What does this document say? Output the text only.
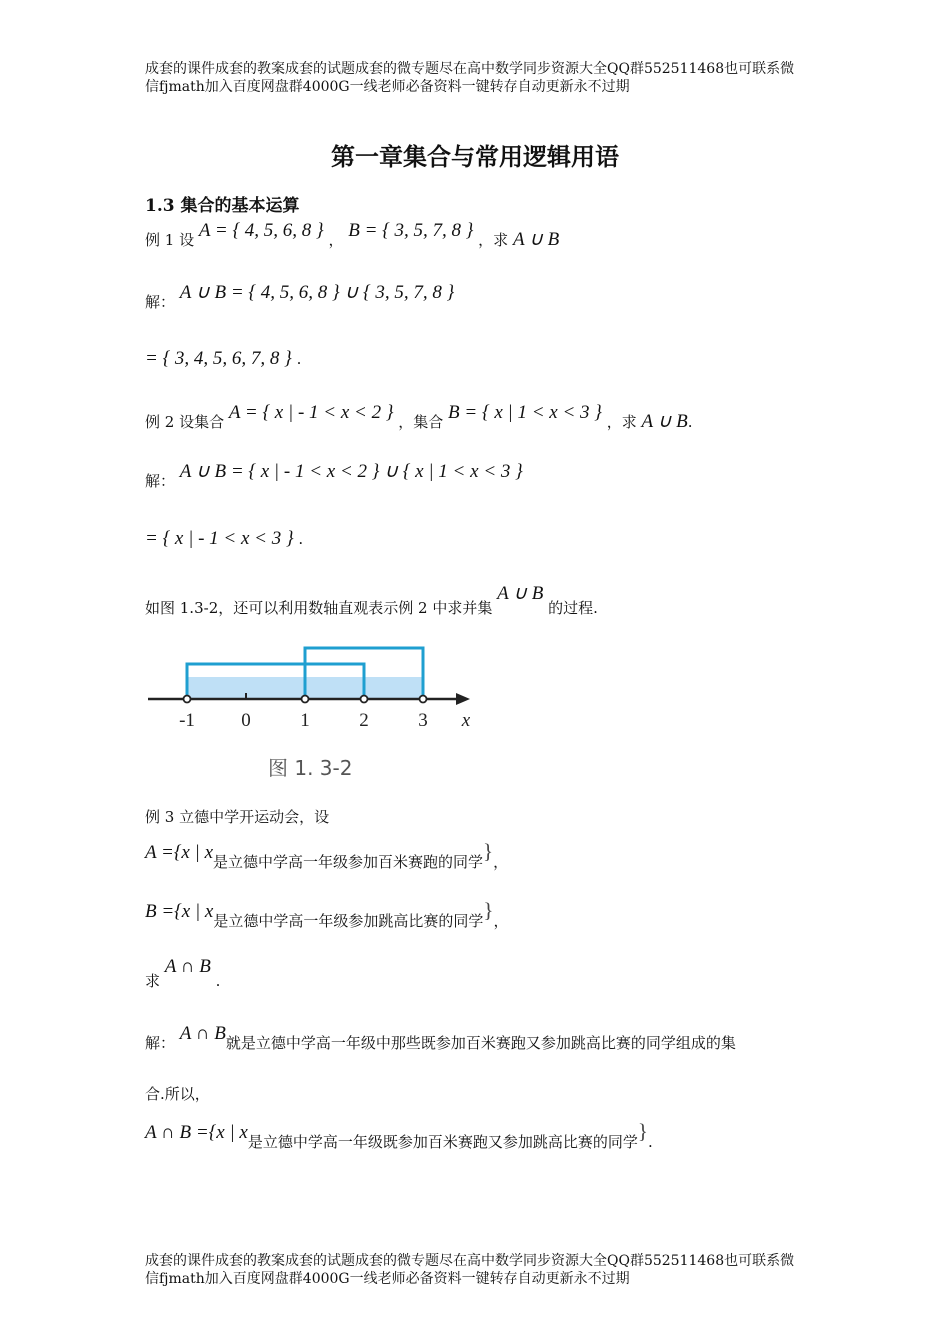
成套的课件成套的教案成套的试题成套的微专题尽在高中数学同步资源大全QQ群552511468也可联系微
信fjmath加入百度网盘群4000G一线老师必备资料一键转存自动更新永不过期
第一章集合与常用逻辑用语
1.3 集合的基本运算
例 1 设 A = { 4, 5, 6, 8 } ， B = { 3, 5, 7, 8 } ，求 A ∪ B
解： A ∪ B = { 4, 5, 6, 8 } ∪ { 3, 5, 7, 8 }
= { 3, 4, 5, 6, 7, 8 } .
例 2 设集合 A = { x | - 1 < x < 2 } ，集合 B = { x | 1 < x < 3 } ，求 A ∪ B.
解： A ∪ B = { x | - 1 < x < 2 } ∪ { x | 1 < x < 3 }
= { x | - 1 < x < 3 } .
如图 1.3-2，还可以利用数轴直观表示例 2 中求并集 A ∪ B 的过程.
-1 0	1	2	3 x
图 1. 3-2
例 3 立德中学开运动会，设
A ={x | x是立德中学高一年级参加百米赛跑的同学}，
B ={x | x是立德中学高一年级参加跳高比赛的同学}，
求 A ∩ B .
解： A ∩ B就是立德中学高一年级中那些既参加百米赛跑又参加跳高比赛的同学组成的集
合.所以，
A ∩ B ={x | x是立德中学高一年级既参加百米赛跑又参加跳高比赛的同学}.
成套的课件成套的教案成套的试题成套的微专题尽在高中数学同步资源大全QQ群552511468也可联系微
信fjmath加入百度网盘群4000G一线老师必备资料一键转存自动更新永不过期
